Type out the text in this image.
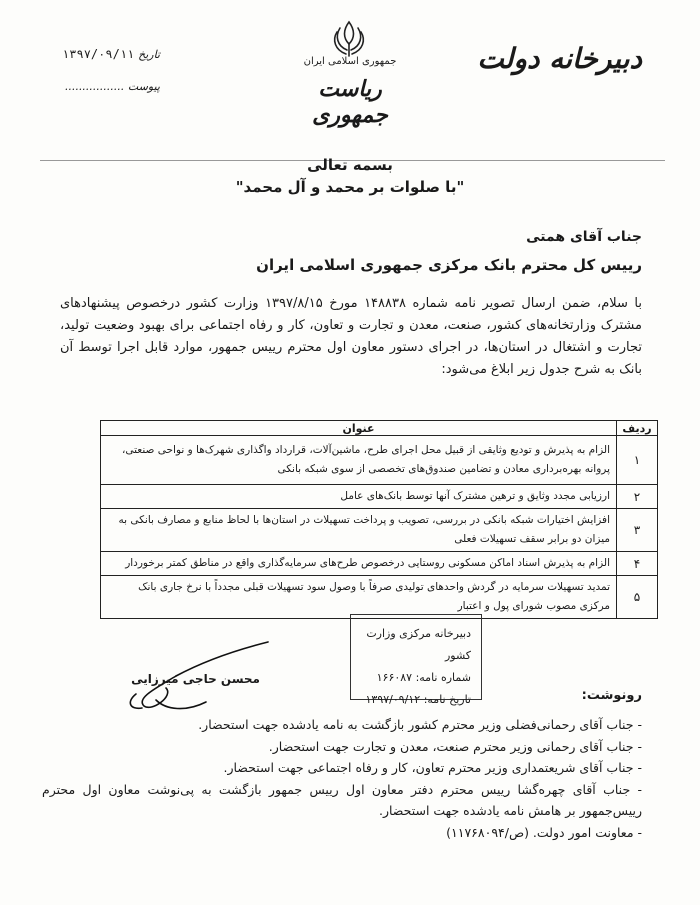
دبیرخانه دولت
جمهوری اسلامی ایران
ریاست جمهوری
تاریخ ۱۳۹۷/۰۹/۱۱
پیوست .................
بسمه تعالی
"با صلوات بر محمد و آل محمد"
جناب آقای همتی
رییس کل محترم بانک مرکزی جمهوری اسلامی ایران
با سلام، ضمن ارسال تصویر نامه شماره ۱۴۸۸۳۸ مورخ ۱۳۹۷/۸/۱۵ وزارت کشور درخصوص پیشنهادهای مشترک وزارتخانه‌های کشور، صنعت، معدن و تجارت و تعاون، کار و رفاه اجتماعی برای بهبود وضعیت تولید، تجارت و اشتغال در استان‌ها، در اجرای دستور معاون اول محترم رییس جمهور، موارد قابل اجرا توسط آن بانک به شرح جدول زیر ابلاغ می‌شود:
ردیف	عنوان
۱	الزام به پذیرش و تودیع وثایقی از قبیل محل اجرای طرح، ماشین‌آلات، قرارداد واگذاری شهرک‌ها و نواحی صنعتی، پروانه بهره‌برداری معادن و تضامین صندوق‌های تخصصی از سوی شبکه بانکی
۲	ارزیابی مجدد وثایق و ترهین مشترک آنها توسط بانک‌های عامل
۳	افزایش اختیارات شبکه بانکی در بررسی، تصویب و پرداخت تسهیلات در استان‌ها با لحاظ منابع و مصارف بانکی به میزان دو برابر سقف تسهیلات فعلی
۴	الزام به پذیرش اسناد اماکن مسکونی روستایی درخصوص طرح‌های سرمایه‌گذاری واقع در مناطق کمتر برخوردار
۵	تمدید تسهیلات سرمایه در گردش واحدهای تولیدی صرفاً با وصول سود تسهیلات قبلی مجدداً با نرخ جاری بانک مرکزی مصوب شورای پول و اعتبار
دبیرخانه مرکزی وزارت کشور
شماره نامه: ۱۶۶۰۸۷
تاریخ نامه: ۱۳۹۷/۰۹/۱۲
محسن حاجی میرزایی
رونوشت:
- جناب آقای رحمانی‌فضلی وزیر محترم کشور بازگشت به نامه یادشده جهت استحضار.
- جناب آقای رحمانی وزیر محترم صنعت، معدن و تجارت جهت استحضار.
- جناب آقای شریعتمداری وزیر محترم تعاون، کار و رفاه اجتماعی جهت استحضار.
- جناب آقای چهره‌گشا رییس محترم دفتر معاون اول رییس جمهور بازگشت به پی‌نوشت معاون اول محترم رییس‌جمهور بر هامش نامه یادشده جهت استحضار.
- معاونت امور دولت. (ص/۱۱۷۶۸۰۹۴)
